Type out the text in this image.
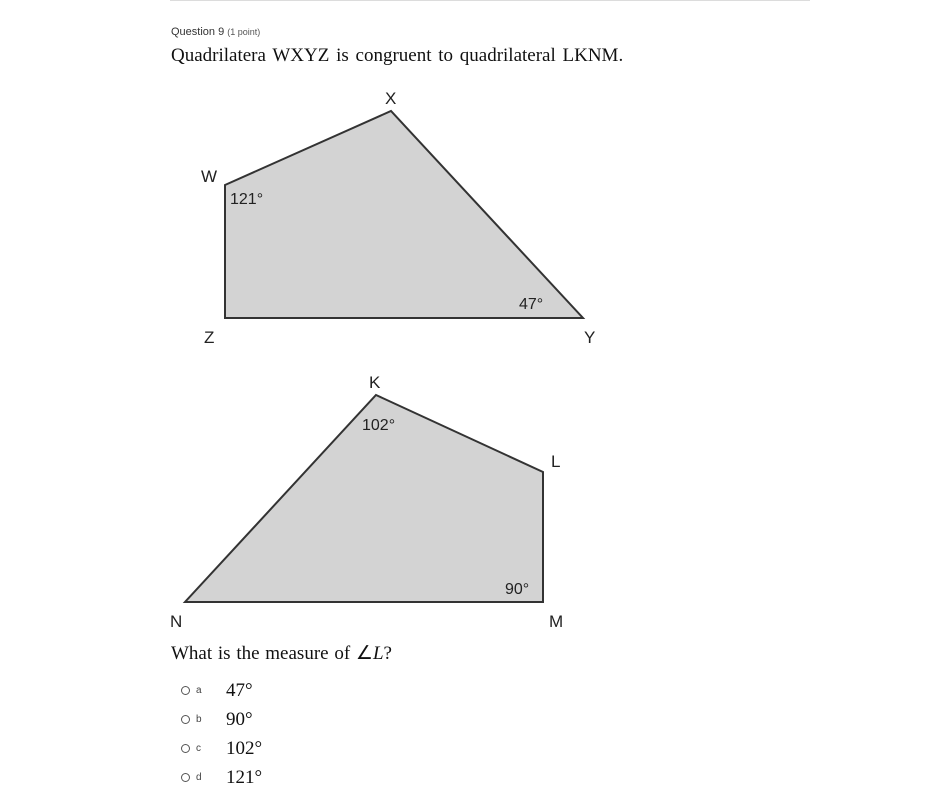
Question 9 (1 point)
Quadrilatera WXYZ is congruent to quadrilateral LKNM.
W
X
Y
Z
121°
47°
K
L
M
N
102°
90°
What is the measure of ∠L?
a	47°
b	90°
c	102°
d	121°
